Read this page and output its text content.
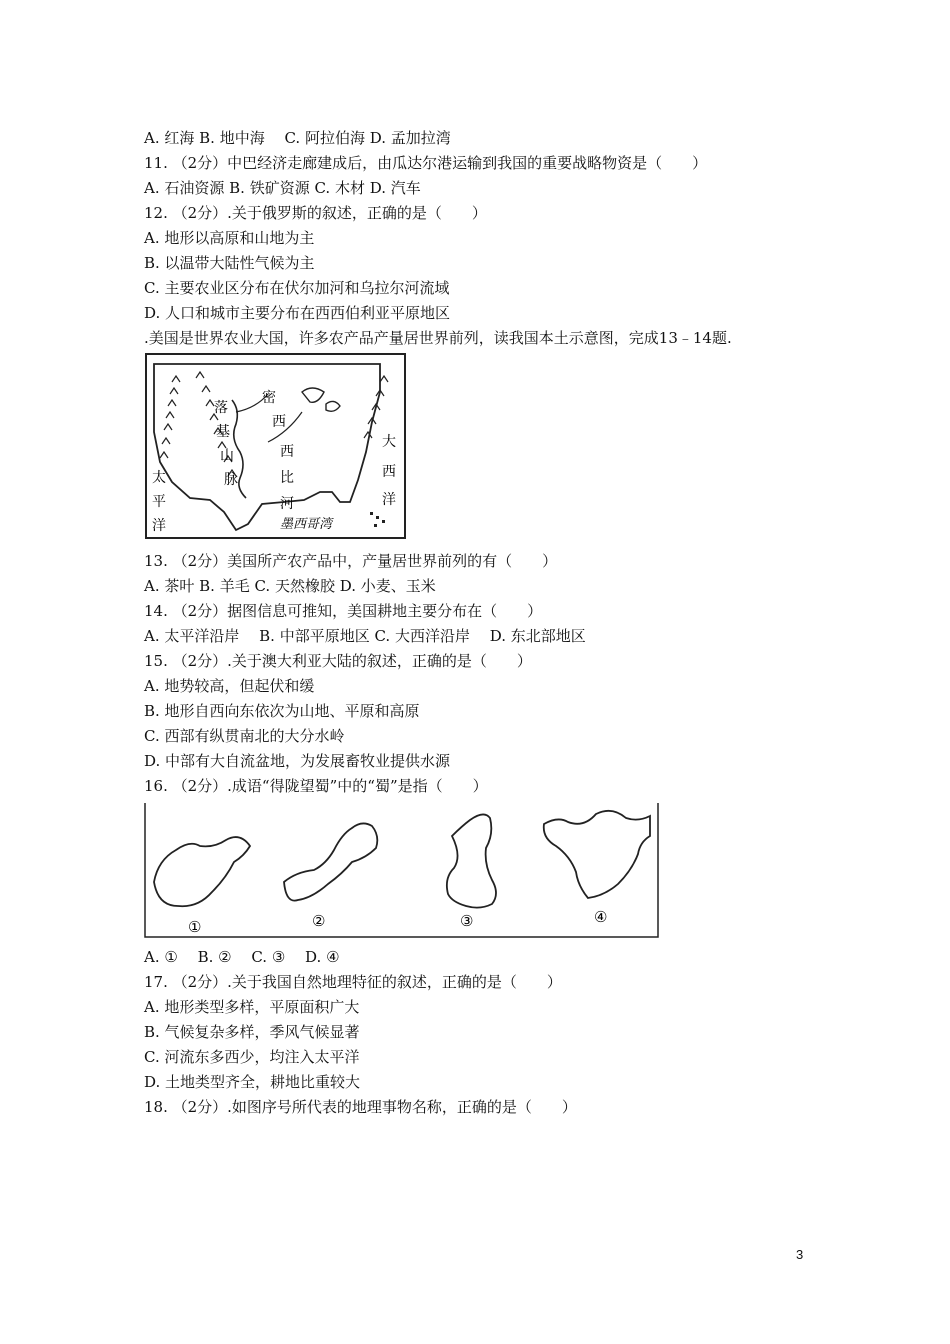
A. 红海 B. 地中海　 C. 阿拉伯海 D. 孟加拉湾
11. （2分）中巴经济走廊建成后，由瓜达尔港运输到我国的重要战略物资是（　　）
A. 石油资源 B. 铁矿资源 C. 木材 D. 汽车
12. （2分）.关于俄罗斯的叙述，正确的是（　　）
A. 地形以高原和山地为主
B. 以温带大陆性气候为主
C. 主要农业区分布在伏尔加河和乌拉尔河流域
D. 人口和城市主要分布在西西伯利亚平原地区
.美国是世界农业大国，许多农产品产量居世界前列，读我国本土示意图，完成13﹣14题.
落
基
山
脉
密
西
西
比
河
太
平
洋
大
西
洋
墨西哥湾
13. （2分）美国所产农产品中，产量居世界前列的有（　　）
A. 茶叶 B. 羊毛 C. 天然橡胶 D. 小麦、玉米
14. （2分）据图信息可推知，美国耕地主要分布在（　　）
A. 太平洋沿岸　 B. 中部平原地区 C. 大西洋沿岸　 D. 东北部地区
15. （2分）.关于澳大利亚大陆的叙述，正确的是（　　）
A. 地势较高，但起伏和缓
B. 地形自西向东依次为山地、平原和高原
C. 西部有纵贯南北的大分水岭
D. 中部有大自流盆地，为发展畜牧业提供水源
16. （2分）.成语“得陇望蜀”中的“蜀”是指（　　）
①	②	③	④
A. ①　 B. ②　 C. ③　 D. ④
17. （2分）.关于我国自然地理特征的叙述，正确的是（　　）
A. 地形类型多样，平原面积广大
B. 气候复杂多样，季风气候显著
C. 河流东多西少，均注入太平洋
D. 土地类型齐全，耕地比重较大
18. （2分）.如图序号所代表的地理事物名称，正确的是（　　）
3
